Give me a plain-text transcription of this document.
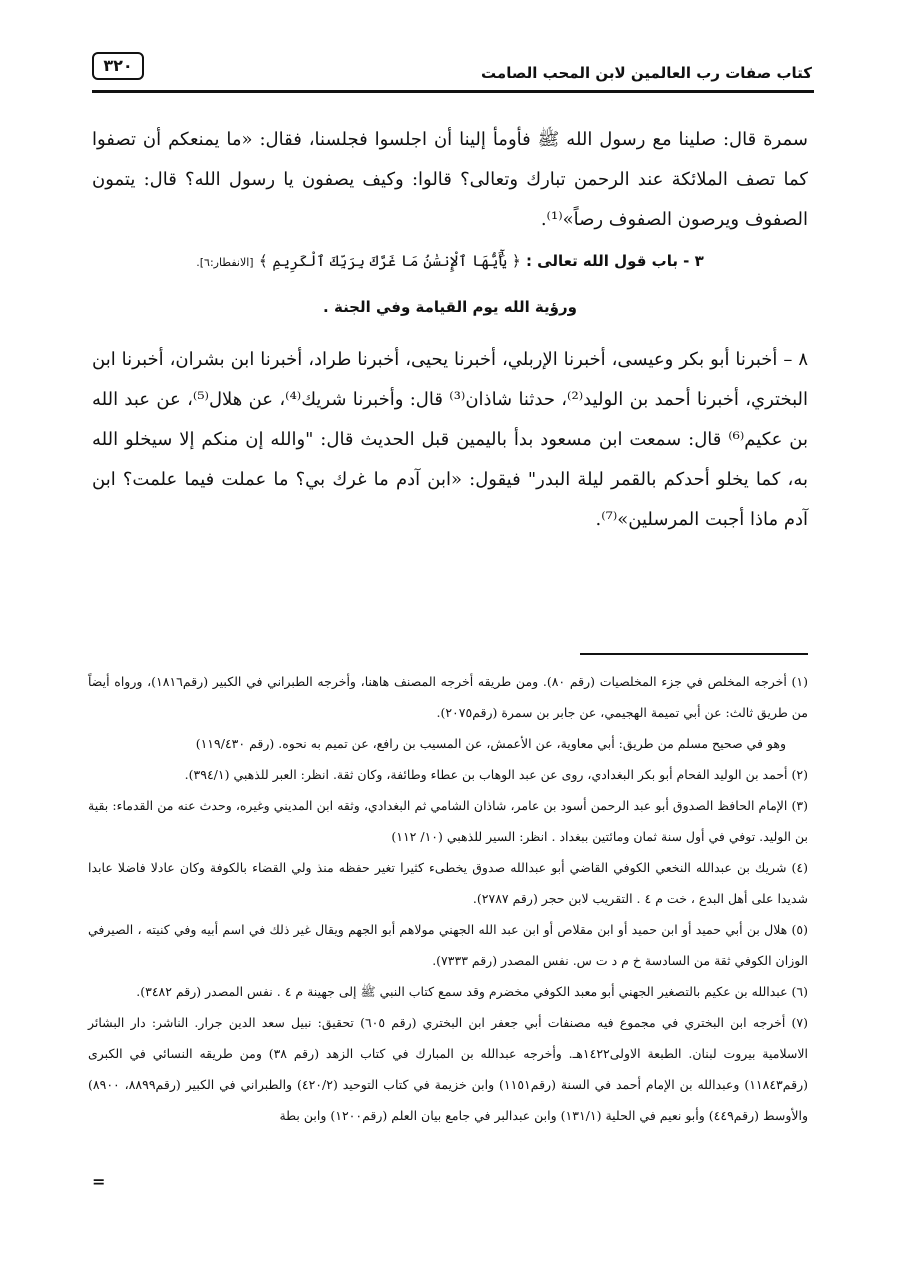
كتاب صفات رب العالمين لابن المحب الصامت
٣٢٠

سمرة قال: صلينا مع رسول الله ﷺ فأومأ إلينا أن اجلسوا فجلسنا، فقال: «ما يمنعكم أن تصفوا كما تصف الملائكة عند الرحمن تبارك وتعالى؟ قالوا: وكيف يصفون يا رسول الله؟ قال: يتمون الصفوف ويرصون الصفوف رصاً»⁽¹⁾.

٣ - باب قول الله تعالى : ﴿ يَٰٓأَيُّهَا ٱلْإِنسَٰنُ مَا غَرَّكَ بِرَبِّكَ ٱلْكَرِيمِ ﴾ [الانفطار:٦].
ورؤية الله يوم القيامة وفي الجنة .

٨ – أخبرنا أبو بكر وعيسى، أخبرنا الإربلي، أخبرنا يحيى، أخبرنا طراد، أخبرنا ابن بشران، أخبرنا ابن البختري، أخبرنا أحمد بن الوليد⁽²⁾، حدثنا شاذان⁽³⁾ قال: وأخبرنا شريك⁽⁴⁾، عن هلال⁽⁵⁾، عن عبد الله بن عكيم⁽⁶⁾ قال: سمعت ابن مسعود بدأ باليمين قبل الحديث قال: "والله إن منكم إلا سيخلو الله به، كما يخلو أحدكم بالقمر ليلة البدر" فيقول: «ابن آدم ما غرك بي؟ ما عملت فيما علمت؟ ابن آدم ماذا أجبت المرسلين»⁽⁷⁾.

(١) أخرجه المخلص في جزء المخلصيات (رقم ٨٠). ومن طريقه أخرجه المصنف هاهنا، وأخرجه الطبراني في الكبير (رقم١٨١٦)، ورواه أيضاً من طريق ثالث: عن أبي تميمة الهجيمي، عن جابر بن سمرة (رقم٢٠٧٥).

وهو في صحيح مسلم من طريق: أبي معاوية، عن الأعمش، عن المسيب بن رافع، عن تميم به نحوه. (رقم ١١٩/٤٣٠)

(٢) أحمد بن الوليد الفحام أبو بكر البغدادي، روى عن عبد الوهاب بن عطاء وطائفة، وكان ثقة. انظر: العبر للذهبي (٣٩٤/١).

(٣) الإمام الحافظ الصدوق أبو عبد الرحمن أسود بن عامر، شاذان الشامي ثم البغدادي، وثقه ابن المديني وغيره، وحدث عنه من القدماء: بقية بن الوليد. توفي في أول سنة ثمان ومائتين ببغداد . انظر: السير للذهبي (١٠/ ١١٢)

(٤) شريك بن عبدالله النخعي الكوفي القاضي أبو عبدالله صدوق يخطىء كثيرا تغير حفظه منذ ولي القضاء بالكوفة وكان عادلا فاضلا عابدا شديدا على أهل البدع ، خت م ٤ . التقريب لابن حجر (رقم ٢٧٨٧).

(٥) هلال بن أبي حميد أو ابن حميد أو ابن مقلاص أو ابن عبد الله الجهني مولاهم أبو الجهم ويقال غير ذلك في اسم أبيه وفي كنيته ، الصيرفي الوزان الكوفي ثقة من السادسة خ م د ت س. نفس المصدر (رقم ٧٣٣٣).

(٦) عبدالله بن عكيم بالتصغير الجهني أبو معبد الكوفي مخضرم وقد سمع كتاب النبي ﷺ إلى جهينة م ٤ . نفس المصدر (رقم ٣٤٨٢).

(٧) أخرجه ابن البختري في مجموع فيه مصنفات أبي جعفر ابن البختري (رقم ٦٠٥) تحقيق: نبيل سعد الدين جرار. الناشر: دار البشائر الاسلامية بيروت لبنان. الطبعة الاولى١٤٢٢هـ. وأخرجه عبدالله بن المبارك في كتاب الزهد (رقم ٣٨) ومن طريقه النسائي في الكبرى (رقم١١٨٤٣) وعبدالله بن الإمام أحمد في السنة (رقم١١٥١) وابن خزيمة في كتاب التوحيد (٤٢٠/٢) والطبراني في الكبير (رقم٨٨٩٩، ٨٩٠٠) والأوسط (رقم٤٤٩) وأبو نعيم في الحلية (١٣١/١) وابن عبدالبر في جامع بيان العلم (رقم١٢٠٠) وابن بطة

=
